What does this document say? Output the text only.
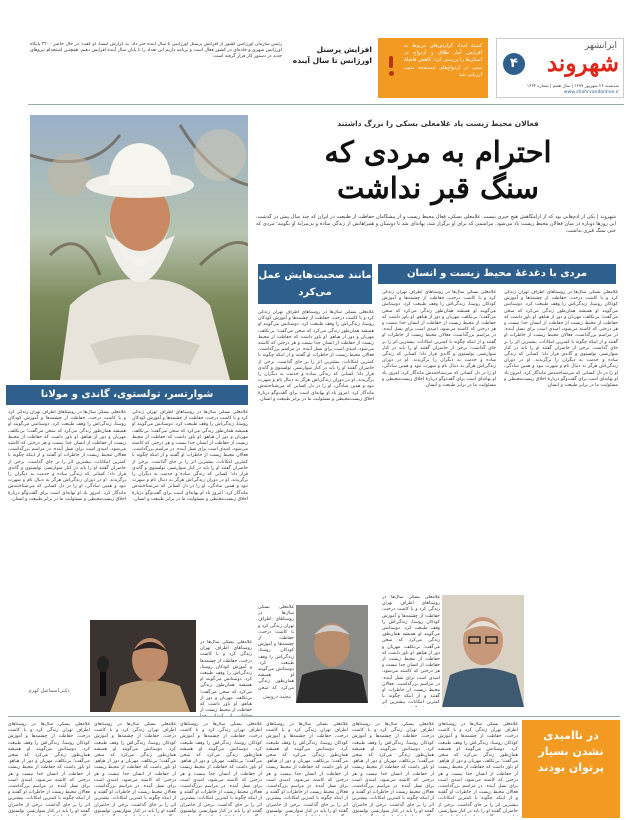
ایرانشهر
شهروند
۴
سه‌شنبه ۲۶ شهریور ۱۳۹۷ | سال هفتم | شماره ۱۶۳۴
www.shahrvandonline.ir
کمیتهٔ امداد گزارش‌های مربوط به افزایش آمار طلاق و ازدواج در استان‌ها را بررسی کرد؛ کاهش فاصلهٔ سنی در ازدواج‌های ثبت‌شده مثبت ارزیابی شد
افزایش پرسنل اورژانس تا سال آینده
رئیس سازمان اورژانس کشور از افزایش پرسنل اورژانس تا سال آینده خبر داد. به گزارش ایسنا، او گفت: در حال حاضر ۲۲۰۰ پایگاه اورژانس شهری و جاده‌ای در کشور فعال است و برنامه داریم این تعداد را تا پایان سال آینده افزایش دهیم. همچنین استخدام نیروهای جدید در دستور کار قرار گرفته است.
فعالان محیط زیست یاد غلامعلی بسکی را بزرگ داشتند
احترام به مردی که
سنگ قبر نداشت
شهروند | یکی از آدم‌هایی بود که از آرامگاهش هیچ خبری نیست. غلامعلی بسکی، فعال محیط زیست و از پیشگامان حفاظت از طبیعت در ایران که چند سال پیش در گذشت، این روزها دوباره در میان فعالان محیط زیست یاد می‌شود. مراسمی که برای او برگزار شد، بهانه‌ای شد تا دوستان و همراهانش از زندگی ساده و بی‌پیرایهٔ او بگویند؛ مردی که حتی سنگ قبری نداشت.
مردی با دغدغهٔ محیط زیست و انسان
مانند صحبت‌هایش عمل می‌کرد	غلامعلی بسکی سال‌ها در روستاهای اطراف تهران زندگی کرد و با کاشت درخت، حفاظت از چشمه‌ها و آموزش کودکان روستا، زندگی‌اش را وقف طبیعت کرد. دوستانش می‌گویند او همیشه همان‌طور زندگی می‌کرد که سخن می‌گفت؛ بی‌تکلف، مهربان و دور از هیاهو. او باور داشت که حفاظت از محیط زیست از حفاظت از انسان جدا نیست و هر درختی که کاشته می‌شود، امیدی است برای نسل آینده. در مراسم بزرگداشت، فعالان محیط زیست از خاطرات او گفتند و از اینکه چگونه با کمترین امکانات، بیشترین اثر را بر جای گذاشت. برخی از حاضران گفتند او را باید در کنار شوارتسر، تولستوی و گاندی قرار داد؛ کسانی که زندگی ساده و خدمت به دیگران را برگزیدند. او در دوران زندگی‌اش هرگز به دنبال نام و شهرت نبود و همین سادگی، او را در دل کسانی که می‌شناختندش ماندگار کرد. امروز یاد او بهانه‌ای است برای گفت‌وگو دربارهٔ اخلاق زیست‌محیطی و مسئولیت ما در برابر طبیعت و انسان.
غلامعلی بسکی سال‌ها در روستاهای اطراف تهران زندگی کرد و با کاشت درخت، حفاظت از چشمه‌ها و آموزش کودکان روستا، زندگی‌اش را وقف طبیعت کرد. دوستانش می‌گویند او همیشه همان‌طور زندگی می‌کرد که سخن می‌گفت؛ بی‌تکلف، مهربان و دور از هیاهو. او باور داشت که حفاظت از محیط زیست از حفاظت از انسان جدا نیست و هر درختی که کاشته می‌شود، امیدی است برای نسل آینده. در مراسم بزرگداشت، فعالان محیط زیست از خاطرات او گفتند و از اینکه چگونه با کمترین امکانات، بیشترین اثر را بر جای گذاشت. برخی از حاضران گفتند او را باید در کنار شوارتسر، تولستوی و گاندی قرار داد؛ کسانی که زندگی ساده و خدمت به دیگران را برگزیدند. او در دوران زندگی‌اش هرگز به دنبال نام و شهرت نبود و همین سادگی، او را در دل کسانی که می‌شناختندش ماندگار کرد. امروز یاد او بهانه‌ای است برای گفت‌وگو دربارهٔ اخلاق زیست‌محیطی و مسئولیت ما در برابر طبیعت و انسان.
غلامعلی بسکی سال‌ها در روستاهای اطراف تهران زندگی کرد و با کاشت درخت، حفاظت از چشمه‌ها و آموزش کودکان روستا، زندگی‌اش را وقف طبیعت کرد. دوستانش می‌گویند او همیشه همان‌طور زندگی می‌کرد که سخن می‌گفت؛ بی‌تکلف، مهربان و دور از هیاهو. او باور داشت که حفاظت از محیط زیست از حفاظت از انسان جدا نیست و هر درختی که کاشته می‌شود، امیدی است برای نسل آینده. در مراسم بزرگداشت، فعالان محیط زیست از خاطرات او گفتند و از اینکه چگونه با کمترین امکانات، بیشترین اثر را بر جای گذاشت. برخی از حاضران گفتند او را باید در کنار شوارتسر، تولستوی و گاندی قرار داد؛ کسانی که زندگی ساده و خدمت به دیگران را برگزیدند. او در دوران زندگی‌اش هرگز به دنبال نام و شهرت نبود و همین سادگی، او را در دل کسانی که می‌شناختندش ماندگار کرد. امروز یاد او بهانه‌ای است برای گفت‌وگو دربارهٔ اخلاق زیست‌محیطی و مسئولیت ما در برابر طبیعت و انسان.
شوارتسر، تولستوی، گاندی و مولانا
غلامعلی بسکی سال‌ها در روستاهای اطراف تهران زندگی کرد و با کاشت درخت، حفاظت از چشمه‌ها و آموزش کودکان روستا، زندگی‌اش را وقف طبیعت کرد. دوستانش می‌گویند او همیشه همان‌طور زندگی می‌کرد که سخن می‌گفت؛ بی‌تکلف، مهربان و دور از هیاهو. او باور داشت که حفاظت از محیط زیست از حفاظت از انسان جدا نیست و هر درختی که کاشته می‌شود، امیدی است برای نسل آینده. در مراسم بزرگداشت، فعالان محیط زیست از خاطرات او گفتند و از اینکه چگونه با کمترین امکانات، بیشترین اثر را بر جای گذاشت. برخی از حاضران گفتند او را باید در کنار شوارتسر، تولستوی و گاندی قرار داد؛ کسانی که زندگی ساده و خدمت به دیگران را برگزیدند. او در دوران زندگی‌اش هرگز به دنبال نام و شهرت نبود و همین سادگی، او را در دل کسانی که می‌شناختندش ماندگار کرد. امروز یاد او بهانه‌ای است برای گفت‌وگو دربارهٔ اخلاق زیست‌محیطی و مسئولیت ما در برابر طبیعت و انسان.
غلامعلی بسکی سال‌ها در روستاهای اطراف تهران زندگی کرد و با کاشت درخت، حفاظت از چشمه‌ها و آموزش کودکان روستا، زندگی‌اش را وقف طبیعت کرد. دوستانش می‌گویند او همیشه همان‌طور زندگی می‌کرد که سخن می‌گفت؛ بی‌تکلف، مهربان و دور از هیاهو. او باور داشت که حفاظت از محیط زیست از حفاظت از انسان جدا نیست و هر درختی که کاشته می‌شود، امیدی است برای نسل آینده. در مراسم بزرگداشت، فعالان محیط زیست از خاطرات او گفتند و از اینکه چگونه با کمترین امکانات، بیشترین اثر را بر جای گذاشت. برخی از حاضران گفتند او را باید در کنار شوارتسر، تولستوی و گاندی قرار داد؛ کسانی که زندگی ساده و خدمت به دیگران را برگزیدند. او در دوران زندگی‌اش هرگز به دنبال نام و شهرت نبود و همین سادگی، او را در دل کسانی که می‌شناختندش ماندگار کرد. امروز یاد او بهانه‌ای است برای گفت‌وگو دربارهٔ اخلاق زیست‌محیطی و مسئولیت ما در برابر طبیعت و انسان.
دکتر اسماعیل کهرم
محمد درویش
غلامعلی بسکی سال‌ها در روستاهای اطراف تهران زندگی کرد و با کاشت درخت، حفاظت از چشمه‌ها و آموزش کودکان روستا، زندگی‌اش را وقف طبیعت کرد. دوستانش می‌گویند او همیشه همان‌طور زندگی می‌کرد که سخن می‌گفت؛ بی‌تکلف، مهربان و دور از هیاهو. او باور داشت که حفاظت از محیط زیست از حفاظت از انسان جدا نیست و هر درختی که کاشته می‌شود، امیدی است برای نسل آینده. در مراسم بزرگداشت، فعالان محیط زیست از خاطرات او گفتند و از اینکه چگونه با کمترین امکانات، بیشترین اثر
غلامعلی بسکی سال‌ها در روستاهای اطراف تهران زندگی کرد و با کاشت درخت، حفاظت از چشمه‌ها و آموزش کودکان روستا، زندگی‌اش را وقف طبیعت کرد. دوستانش می‌گویند او همیشه همان‌طور زندگی می‌کرد که سخن
غلامعلی بسکی سال‌ها در روستاهای اطراف تهران زندگی کرد و با کاشت درخت، حفاظت از چشمه‌ها و آموزش کودکان روستا، زندگی‌اش را وقف طبیعت کرد. دوستانش می‌گویند او همیشه همان‌طور زندگی می‌کرد که سخن می‌گفت؛ بی‌تکلف، مهربان و دور از هیاهو. او باور داشت که حفاظت از محیط زیست از
در ناامیدی نشدن بسیار پرتوان بودند
غلامعلی بسکی سال‌ها در روستاهای اطراف تهران زندگی کرد و با کاشت درخت، حفاظت از چشمه‌ها و آموزش کودکان روستا، زندگی‌اش را وقف طبیعت کرد. دوستانش می‌گویند او همیشه همان‌طور زندگی می‌کرد که سخن می‌گفت؛ بی‌تکلف، مهربان و دور از هیاهو. او باور داشت که حفاظت از محیط زیست از حفاظت از انسان جدا نیست و هر درختی که کاشته می‌شود، امیدی است برای نسل آینده. در مراسم بزرگداشت، فعالان محیط زیست از خاطرات او گفتند و از اینکه چگونه با کمترین امکانات، بیشترین اثر را بر جای گذاشت. برخی از حاضران گفتند او را باید در کنار شوارتسر،
غلامعلی بسکی سال‌ها در روستاهای اطراف تهران زندگی کرد و با کاشت درخت، حفاظت از چشمه‌ها و آموزش کودکان روستا، زندگی‌اش را وقف طبیعت کرد. دوستانش می‌گویند او همیشه همان‌طور زندگی می‌کرد که سخن می‌گفت؛ بی‌تکلف، مهربان و دور از هیاهو. او باور داشت که حفاظت از محیط زیست از حفاظت از انسان جدا نیست و هر درختی که کاشته می‌شود، امیدی است برای نسل آینده. در مراسم بزرگداشت، فعالان محیط زیست از خاطرات او گفتند و از اینکه چگونه با کمترین امکانات، بیشترین اثر را بر جای گذاشت. برخی از حاضران گفتند او را باید در کنار شوارتسر، تولستوی
غلامعلی بسکی سال‌ها در روستاهای اطراف تهران زندگی کرد و با کاشت درخت، حفاظت از چشمه‌ها و آموزش کودکان روستا، زندگی‌اش را وقف طبیعت کرد. دوستانش می‌گویند او همیشه همان‌طور زندگی می‌کرد که سخن می‌گفت؛ بی‌تکلف، مهربان و دور از هیاهو. او باور داشت که حفاظت از محیط زیست از حفاظت از انسان جدا نیست و هر درختی که کاشته می‌شود، امیدی است برای نسل آینده. در مراسم بزرگداشت، فعالان محیط زیست از خاطرات او گفتند و از اینکه چگونه با کمترین امکانات، بیشترین اثر را بر جای گذاشت. برخی از حاضران گفتند او را باید در کنار شوارتسر، تولستوی
غلامعلی بسکی سال‌ها در روستاهای اطراف تهران زندگی کرد و با کاشت درخت، حفاظت از چشمه‌ها و آموزش کودکان روستا، زندگی‌اش را وقف طبیعت کرد. دوستانش می‌گویند او همیشه همان‌طور زندگی می‌کرد که سخن می‌گفت؛ بی‌تکلف، مهربان و دور از هیاهو. او باور داشت که حفاظت از محیط زیست از حفاظت از انسان جدا نیست و هر درختی که کاشته می‌شود، امیدی است برای نسل آینده. در مراسم بزرگداشت، فعالان محیط زیست از خاطرات او گفتند و از اینکه چگونه با کمترین امکانات، بیشترین اثر را بر جای گذاشت. برخی از حاضران گفتند او را باید در کنار شوارتسر، تولستوی
غلامعلی بسکی سال‌ها در روستاهای اطراف تهران زندگی کرد و با کاشت درخت، حفاظت از چشمه‌ها و آموزش کودکان روستا، زندگی‌اش را وقف طبیعت کرد. دوستانش می‌گویند او همیشه همان‌طور زندگی می‌کرد که سخن می‌گفت؛ بی‌تکلف، مهربان و دور از هیاهو. او باور داشت که حفاظت از محیط زیست از حفاظت از انسان جدا نیست و هر درختی که کاشته می‌شود، امیدی است برای نسل آینده. در مراسم بزرگداشت، فعالان محیط زیست از خاطرات او گفتند و از اینکه چگونه با کمترین امکانات، بیشترین اثر را بر جای گذاشت. برخی از حاضران گفتند او را باید در کنار شوارتسر، تولستوی
غلامعلی بسکی سال‌ها در روستاهای اطراف تهران زندگی کرد و با کاشت درخت، حفاظت از چشمه‌ها و آموزش کودکان روستا، زندگی‌اش را وقف طبیعت کرد. دوستانش می‌گویند او همیشه همان‌طور زندگی می‌کرد که سخن می‌گفت؛ بی‌تکلف، مهربان و دور از هیاهو. او باور داشت که حفاظت از محیط زیست از حفاظت از انسان جدا نیست و هر درختی که کاشته می‌شود، امیدی است برای نسل آینده. در مراسم بزرگداشت، فعالان محیط زیست از خاطرات او گفتند و از اینکه چگونه با کمترین امکانات، بیشترین اثر را بر جای گذاشت. برخی از حاضران گفتند او را باید در کنار شوارتسر، تولستوی
